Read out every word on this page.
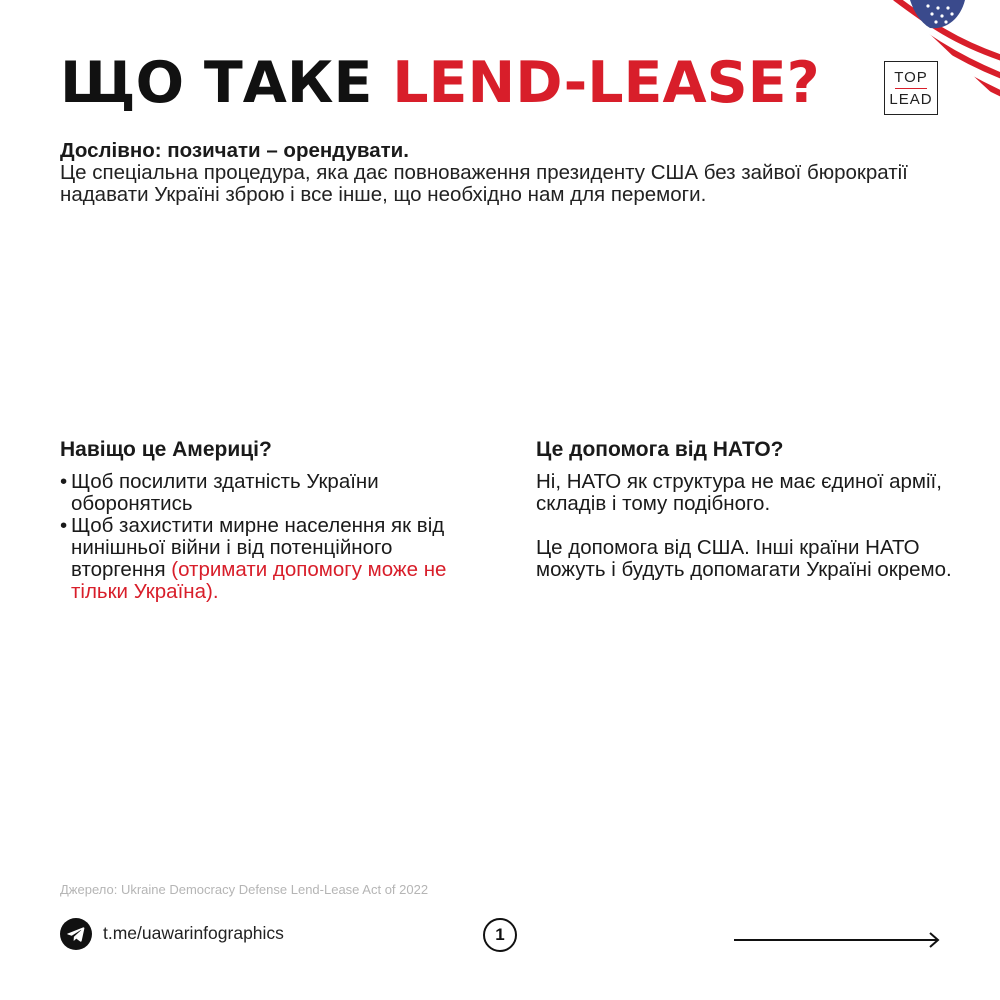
ЩО ТАКЕ LEND-LEASE?	TOP
LEAD
Дослівно: позичати – орендувати.
Це спеціальна процедура, яка дає повноваження президенту США без зайвої бюрократії надавати Україні зброю і все інше, що необхідно нам для перемоги.
Навіщо це Америці?
• Щоб посилити здатність України оборонятись
• Щоб захистити мирне населення як від нинішньої війни і від потенційного вторгення (отримати допомогу може не тільки Україна).
Це допомога від НАТО?

Ні, НАТО як структура не має єдиної армії, складів і тому подібного.

Це допомога від США. Інші країни НАТО можуть і будуть допомагати Україні окремо.

Джерело: Ukraine Democracy Defense Lend-Lease Act of 2022
t.me/uawarinfographics	1
